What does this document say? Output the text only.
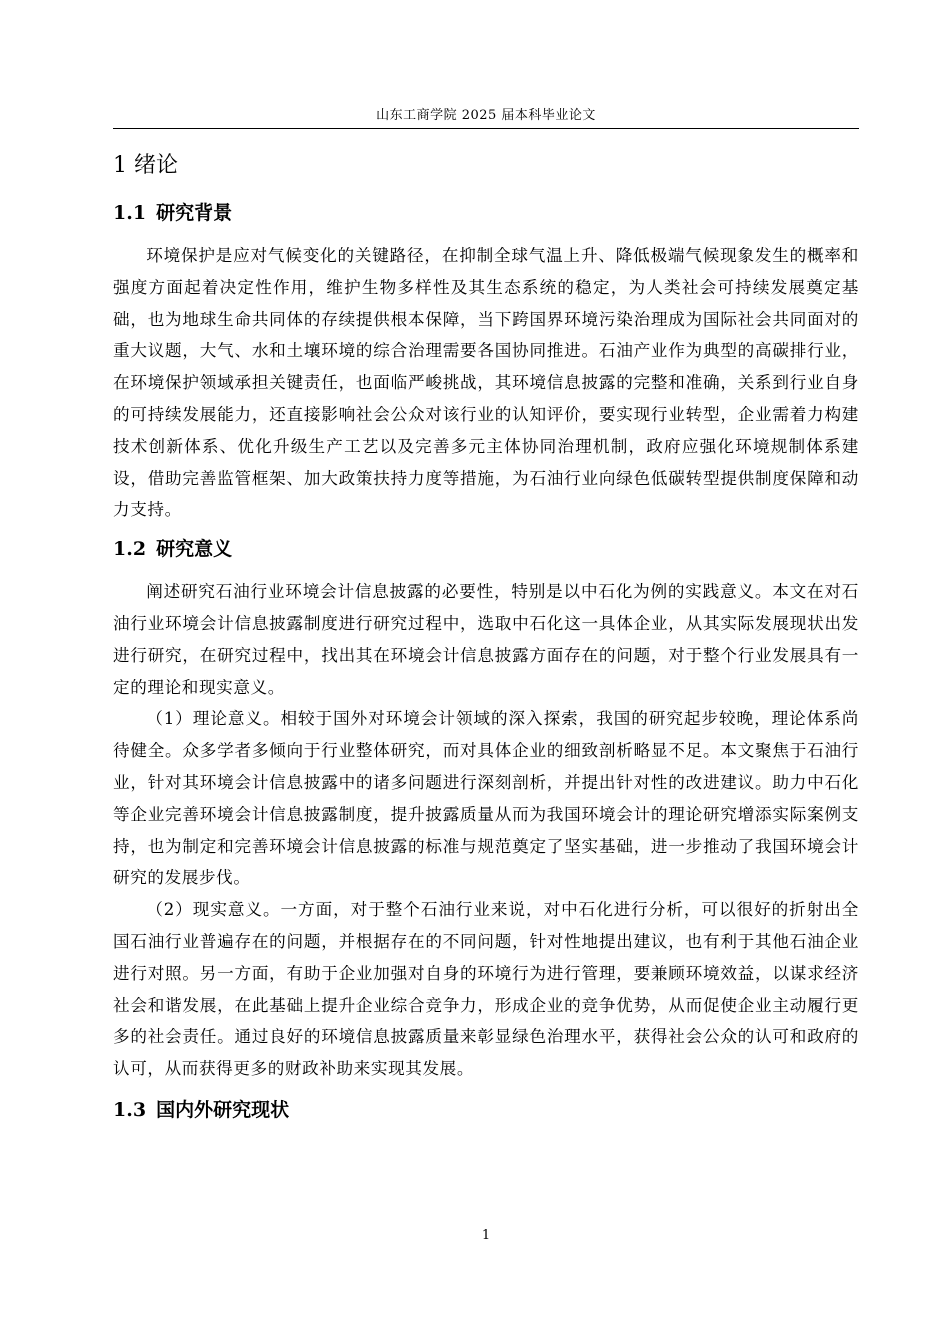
山东工商学院 2025 届本科毕业论文
1 绪论
1.1 研究背景

环境保护是应对气候变化的关键路径，在抑制全球气温上升、降低极端气候现象发生的概率和强度方面起着决定性作用，维护生物多样性及其生态系统的稳定，为人类社会可持续发展奠定基础，也为地球生命共同体的存续提供根本保障，当下跨国界环境污染治理成为国际社会共同面对的重大议题，大气、水和土壤环境的综合治理需要各国协同推进。石油产业作为典型的高碳排行业，在环境保护领域承担关键责任，也面临严峻挑战，其环境信息披露的完整和准确，关系到行业自身的可持续发展能力，还直接影响社会公众对该行业的认知评价，要实现行业转型，企业需着力构建技术创新体系、优化升级生产工艺以及完善多元主体协同治理机制，政府应强化环境规制体系建设，借助完善监管框架、加大政策扶持力度等措施，为石油行业向绿色低碳转型提供制度保障和动力支持。

1.2 研究意义

阐述研究石油行业环境会计信息披露的必要性，特别是以中石化为例的实践意义。本文在对石油行业环境会计信息披露制度进行研究过程中，选取中石化这一具体企业，从其实际发展现状出发进行研究，在研究过程中，找出其在环境会计信息披露方面存在的问题，对于整个行业发展具有一定的理论和现实意义。

（1）理论意义。相较于国外对环境会计领域的深入探索，我国的研究起步较晚，理论体系尚待健全。众多学者多倾向于行业整体研究，而对具体企业的细致剖析略显不足。本文聚焦于石油行业，针对其环境会计信息披露中的诸多问题进行深刻剖析，并提出针对性的改进建议。助力中石化等企业完善环境会计信息披露制度，提升披露质量从而为我国环境会计的理论研究增添实际案例支持，也为制定和完善环境会计信息披露的标准与规范奠定了坚实基础，进一步推动了我国环境会计研究的发展步伐。

（2）现实意义。一方面，对于整个石油行业来说，对中石化进行分析，可以很好的折射出全国石油行业普遍存在的问题，并根据存在的不同问题，针对性地提出建议，也有利于其他石油企业进行对照。另一方面，有助于企业加强对自身的环境行为进行管理，要兼顾环境效益，以谋求经济社会和谐发展，在此基础上提升企业综合竞争力，形成企业的竞争优势，从而促使企业主动履行更多的社会责任。通过良好的环境信息披露质量来彰显绿色治理水平，获得社会公众的认可和政府的认可，从而获得更多的财政补助来实现其发展。

1.3 国内外研究现状
1
